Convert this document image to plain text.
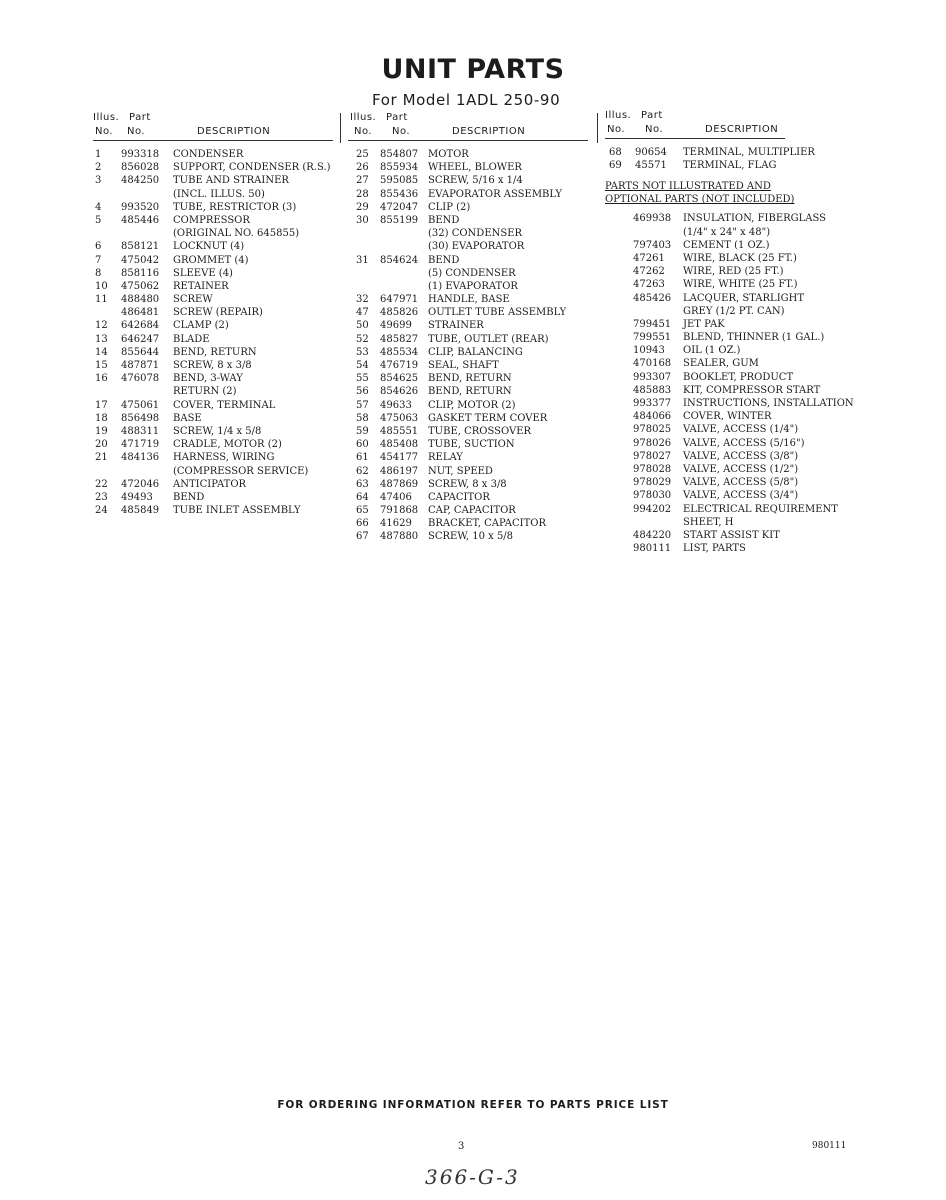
UNIT PARTS
For Model 1ADL 250-90
Illus. Part
No. No.	DESCRIPTION
1 993318 CONDENSER
2 856028 SUPPORT, CONDENSER (R.S.)
3 484250 TUBE AND STRAINER
(INCL. ILLUS. 50)
4 993520 TUBE, RESTRICTOR (3)
5 485446 COMPRESSOR
(ORIGINAL NO. 645855)
6 858121 LOCKNUT (4)
7 475042 GROMMET (4)
8 858116 SLEEVE (4)
10 475062 RETAINER
11 488480 SCREW
486481 SCREW (REPAIR)
12 642684 CLAMP (2)
13 646247 BLADE
14 855644 BEND, RETURN
15 487871 SCREW, 8 x 3/8
16 476078 BEND, 3-WAY
RETURN (2)
17 475061 COVER, TERMINAL
18 856498 BASE
19 488311 SCREW, 1/4 x 5/8
20 471719 CRADLE, MOTOR (2)
21 484136 HARNESS, WIRING
(COMPRESSOR SERVICE)
22 472046 ANTICIPATOR
23 49493 BEND
24 485849 TUBE INLET ASSEMBLY
Illus. Part
No. No.	DESCRIPTION
25 854807 MOTOR
26 855934 WHEEL, BLOWER
27 595085 SCREW, 5/16 x 1/4
28 855436 EVAPORATOR ASSEMBLY
29 472047 CLIP (2)
30 855199 BEND
(32) CONDENSER
(30) EVAPORATOR
31 854624 BEND
(5) CONDENSER
(1) EVAPORATOR
32 647971 HANDLE, BASE
47 485826 OUTLET TUBE ASSEMBLY
50 49699 STRAINER
52 485827 TUBE, OUTLET (REAR)
53 485534 CLIP, BALANCING
54 476719 SEAL, SHAFT
55 854625 BEND, RETURN
56 854626 BEND, RETURN
57 49633 CLIP, MOTOR (2)
58 475063 GASKET TERM COVER
59 485551 TUBE, CROSSOVER
60 485408 TUBE, SUCTION
61 454177 RELAY
62 486197 NUT, SPEED
63 487869 SCREW, 8 x 3/8
64 47406 CAPACITOR
65 791868 CAP, CAPACITOR
66 41629 BRACKET, CAPACITOR
67 487880 SCREW, 10 x 5/8
Illus. Part
No. No.	DESCRIPTION
68 90654 TERMINAL, MULTIPLIER
69 45571 TERMINAL, FLAG
PARTS NOT ILLUSTRATED AND
OPTIONAL PARTS (NOT INCLUDED)
469938 INSULATION, FIBERGLASS
(1/4" x 24" x 48")
797403 CEMENT (1 OZ.)
47261 WIRE, BLACK (25 FT.)
47262 WIRE, RED (25 FT.)
47263 WIRE, WHITE (25 FT.)
485426 LACQUER, STARLIGHT
GREY (1/2 PT. CAN)
799451 JET PAK
799551 BLEND, THINNER (1 GAL.)
10943 OIL (1 OZ.)
470168 SEALER, GUM
993307 BOOKLET, PRODUCT
485883 KIT, COMPRESSOR START
993377 INSTRUCTIONS, INSTALLATION
484066 COVER, WINTER
978025 VALVE, ACCESS (1/4")
978026 VALVE, ACCESS (5/16")
978027 VALVE, ACCESS (3/8")
978028 VALVE, ACCESS (1/2")
978029 VALVE, ACCESS (5/8")
978030 VALVE, ACCESS (3/4")
994202 ELECTRICAL REQUIREMENT
SHEET, H
484220 START ASSIST KIT
980111 LIST, PARTS
FOR ORDERING INFORMATION REFER TO PARTS PRICE LIST
3	980111
366-G-3
